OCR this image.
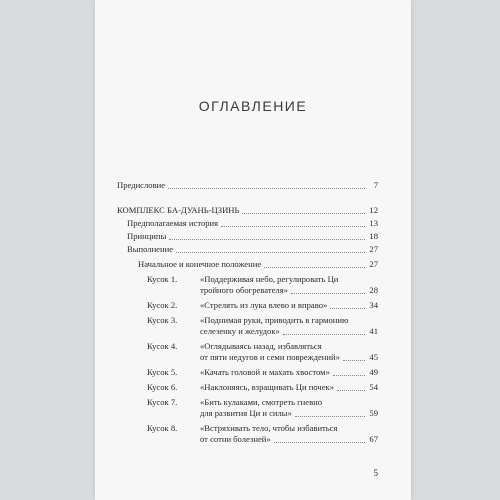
ОГЛАВЛЕНИЕ
Предисловие	7
КОМПЛЕКС БА-ДУАНЬ-ЦЗИНЬ	12
Предполагаемая история	13
Принципы	18
Выполнение	27
Начальное и конечное положение	27
Кусок 1.	«Поддерживая небо, регулировать Ци
тройного обогревателя»	28
Кусок 2.	«Стрелять из лука влево и вправо»	34
Кусок 3.	«Поднимая руки, приводить в гармонию
селезенку и желудок»	41
Кусок 4.	«Оглядываясь назад, избавляться
от пяти недугов и семи повреждений»	45
Кусок 5.	«Качать головой и махать хвостом»	49
Кусок 6.	«Наклоняясь, взращивать Ци почек»	54
Кусок 7.	«Бить кулаками, смотреть гневно
для развития Ци и силы»	59
Кусок 8.	«Встряхивать тело, чтобы избавиться
от сотни болезней»	67
5
